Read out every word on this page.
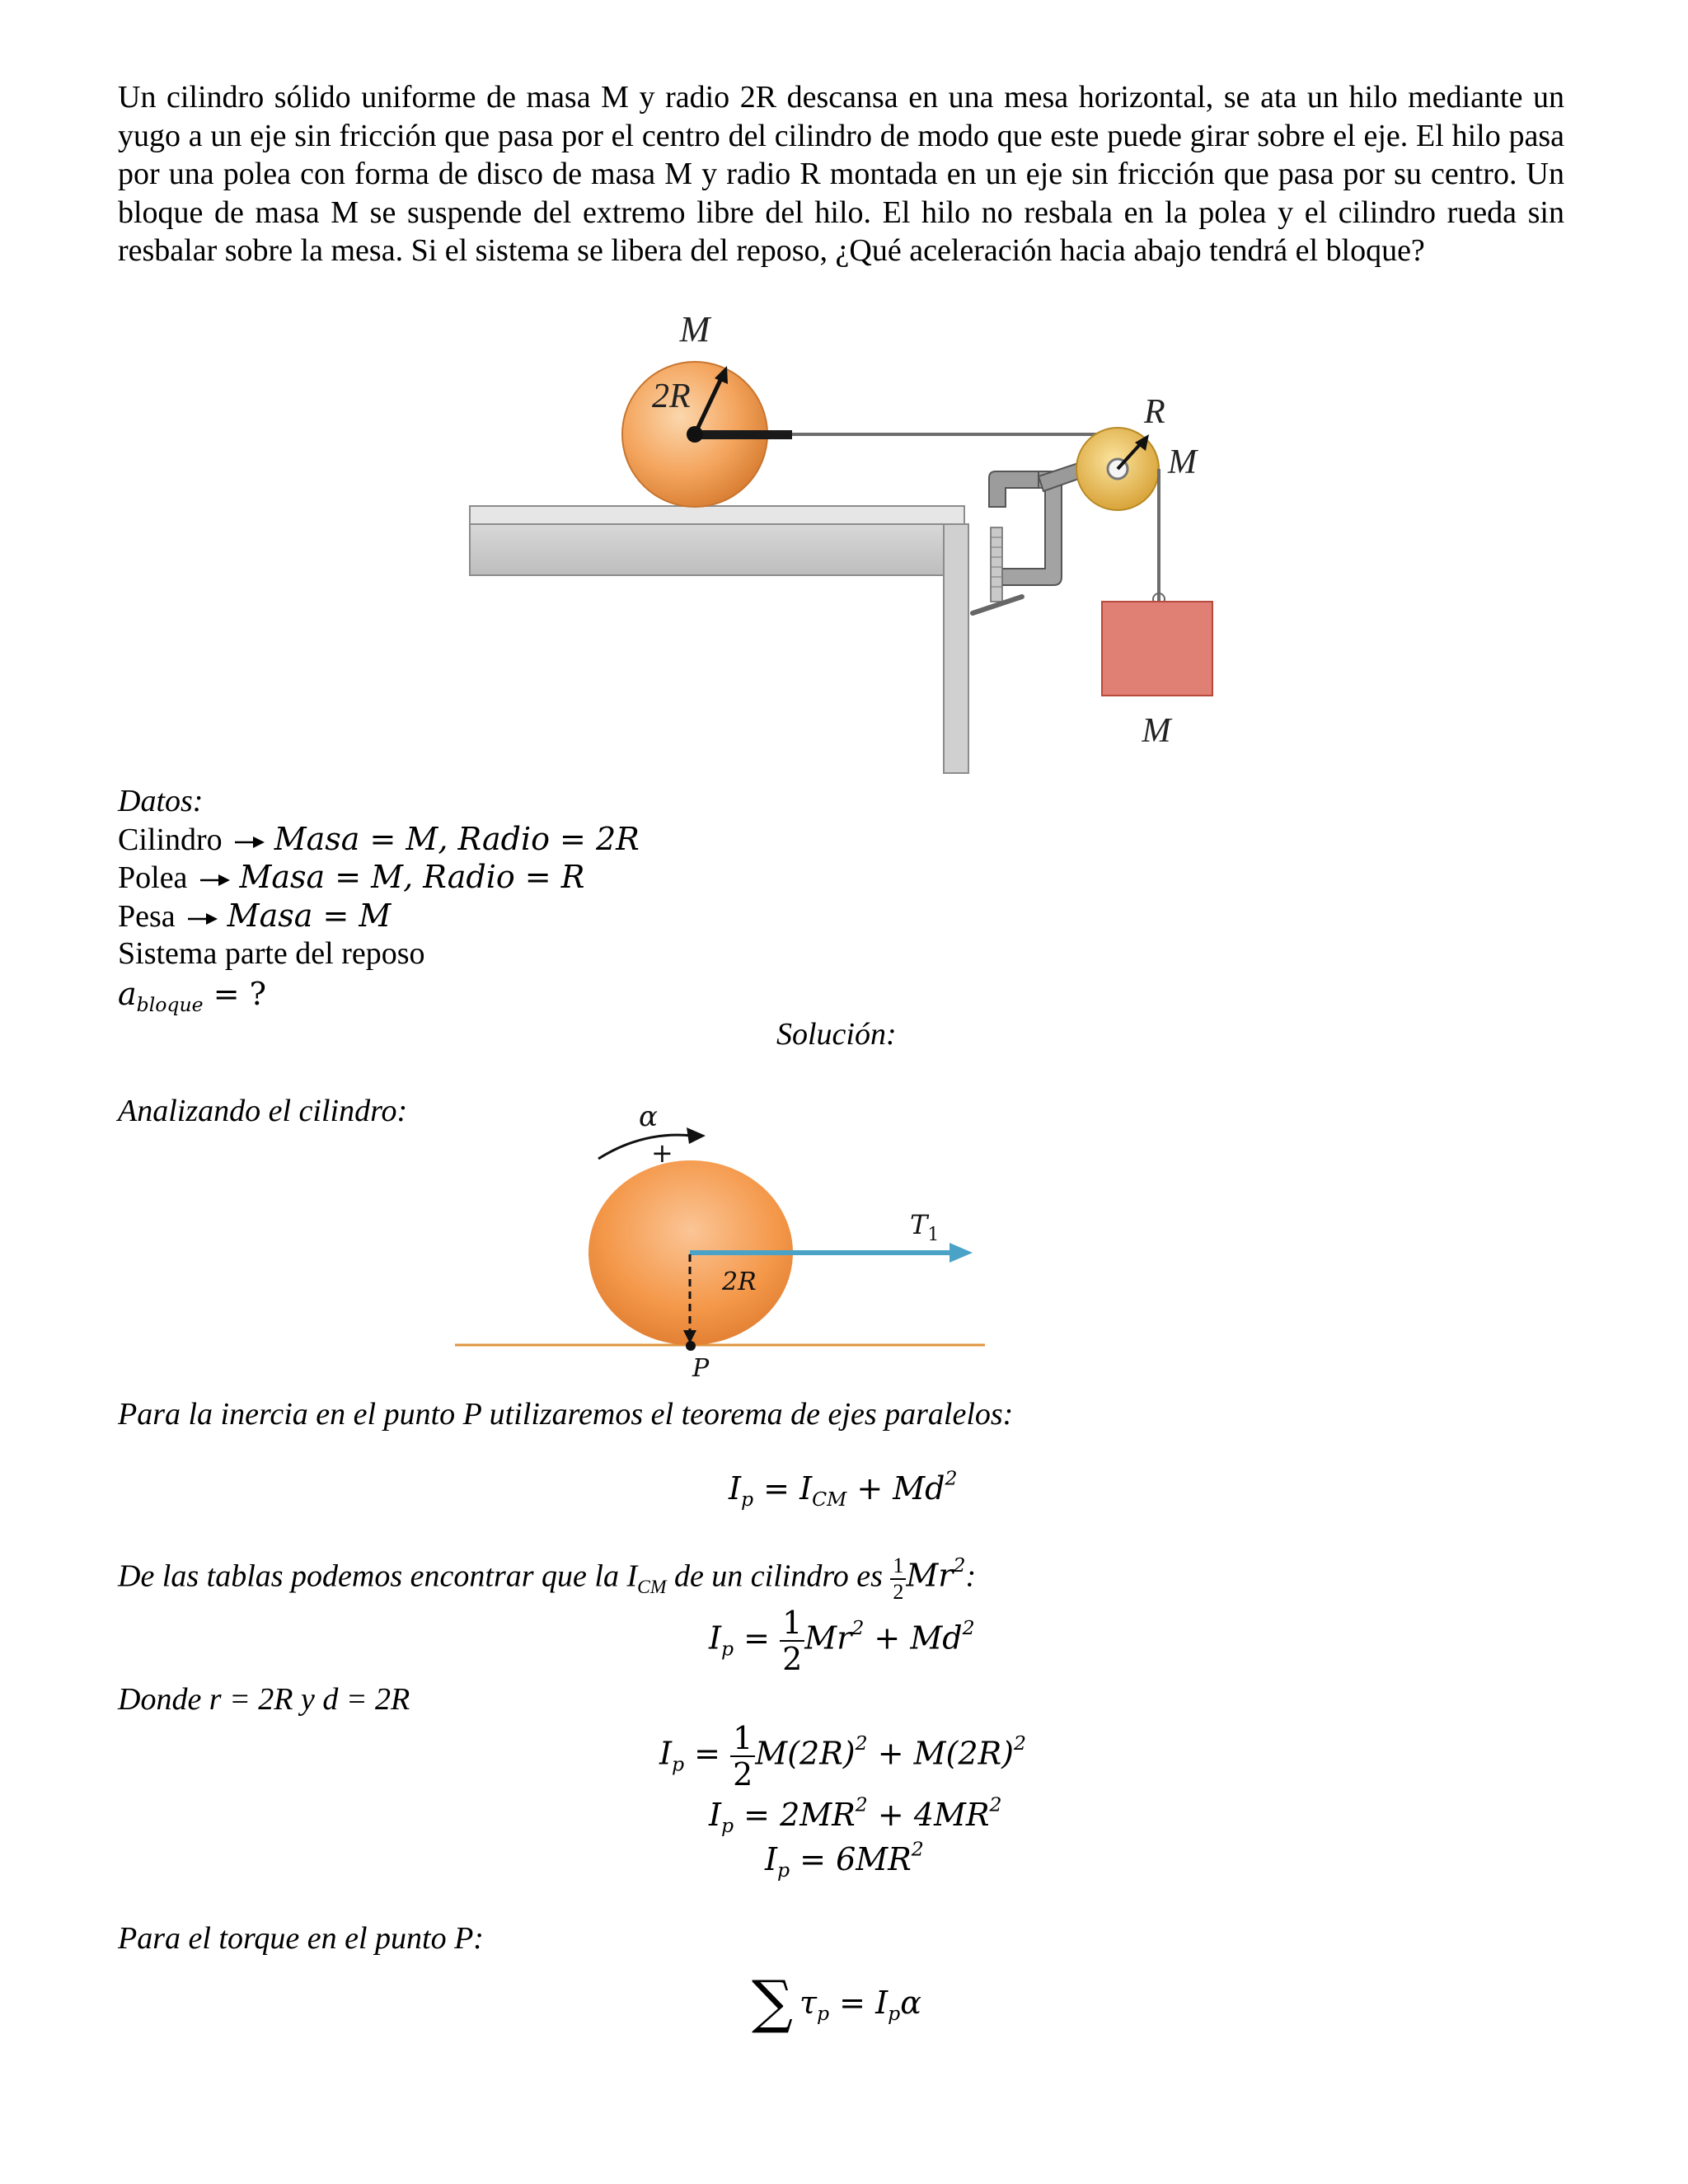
Un cilindro sólido uniforme de masa M y radio 2R descansa en una mesa horizontal, se ata un hilo mediante un yugo a un eje sin fricción que pasa por el centro del cilindro de modo que este puede girar sobre el eje. El hilo pasa por una polea con forma de disco de masa M y radio R montada en un eje sin fricción que pasa por su centro. Un bloque de masa M se suspende del extremo libre del hilo. El hilo no resbala en la polea y el cilindro rueda sin resbalar sobre la mesa. Si el sistema se libera del reposo, ¿Qué aceleración hacia abajo tendrá el bloque?
M
2R	R
M
M
Datos:
Cilindro Masa = M, Radio = 2R
Polea Masa = M, Radio = R
Pesa Masa = M
Sistema parte del reposo
$a_{bloque}$ = ?
Solución:
Analizando el cilindro:	α
+
$T_1$
2R
P
Para la inercia en el punto P utilizaremos el teorema de ejes paralelos:
$I_p = I_{CM} + Md^2$
De las tablas podemos encontrar que la $I_{CM}$ de un cilindro es $\frac{1}{2} Mr^2$:
$I_p = \frac{1}{2} Mr^2 + Md^2$
Donde r = 2R y d = 2R
$I_p = \frac{1}{2} M(2R)^2 + M(2R)^2$
$I_p = 2MR^2 + 4MR^2$
$I_p = 6MR^2$
Para el torque en el punto P:
∑ $\tau_p = I_p\alpha$
